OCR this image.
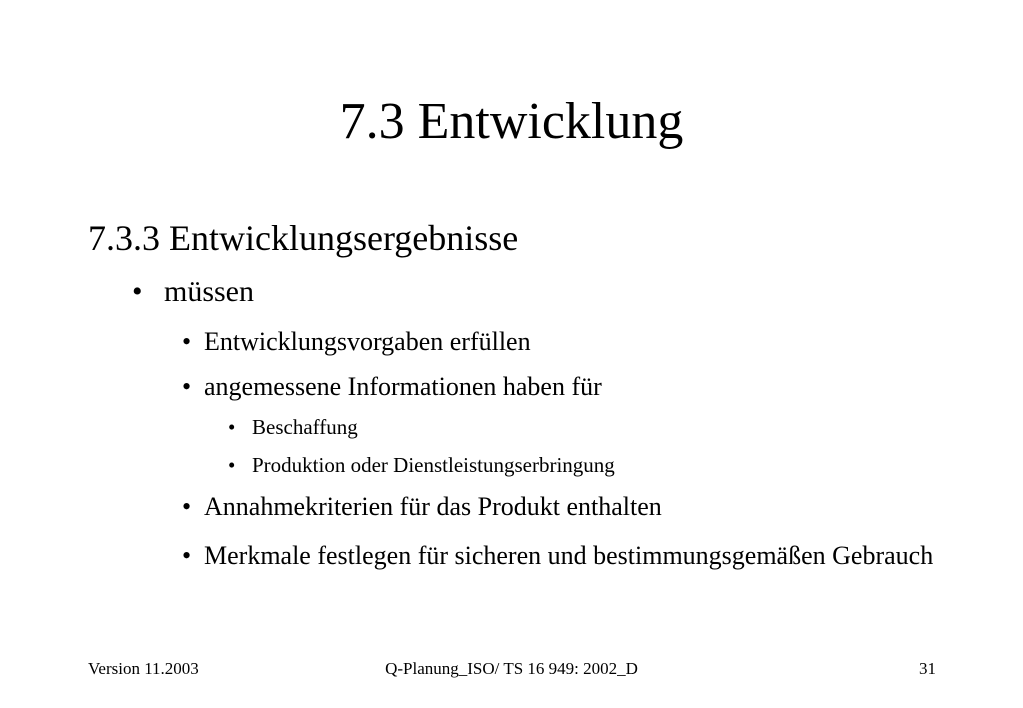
7.3 Entwicklung
7.3.3 Entwicklungsergebnisse
• müssen
• Entwicklungsvorgaben erfüllen
• angemessene Informationen haben für
• Beschaffung
• Produktion oder Dienstleistungserbringung
• Annahmekriterien für das Produkt enthalten
• Merkmale festlegen für sicheren und bestimmungsgemäßen Gebrauch
Version 11.2003	Q-Planung_ISO/ TS 16 949: 2002_D	31
